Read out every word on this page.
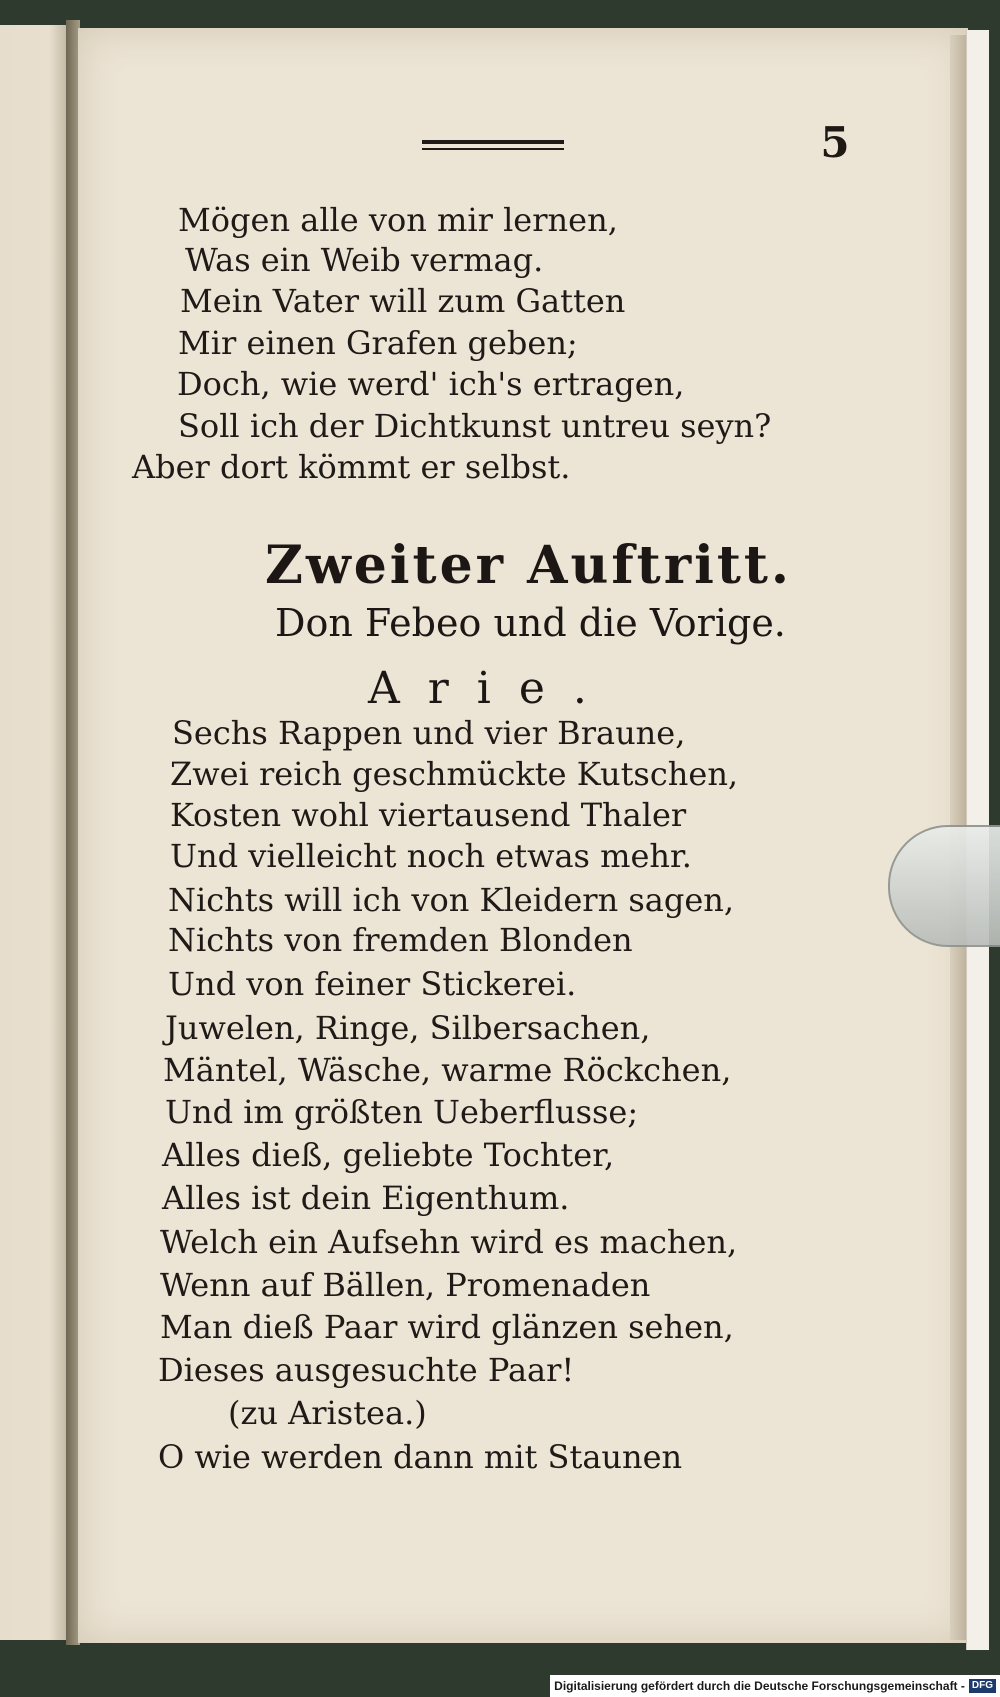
5

Mögen alle von mir lernen,

Was ein Weib vermag.

Mein Vater will zum Gatten

Mir einen Grafen geben;

Doch, wie werd' ich's ertragen,

Soll ich der Dichtkunst untreu seyn?

Aber dort kömmt er selbst.

Zweiter Auftritt.
Don Febeo und die Vorige.
Arie.

Sechs Rappen und vier Braune,

Zwei reich geschmückte Kutschen,

Kosten wohl viertausend Thaler

Und vielleicht noch etwas mehr.

Nichts will ich von Kleidern sagen,

Nichts von fremden Blonden

Und von feiner Stickerei.

Juwelen, Ringe, Silbersachen,

Mäntel, Wäsche, warme Röckchen,

Und im größten Ueberflusse;

Alles dieß, geliebte Tochter,

Alles ist dein Eigenthum.

Welch ein Aufsehn wird es machen,

Wenn auf Bällen, Promenaden

Man dieß Paar wird glänzen sehen,

Dieses ausgesuchte Paar!

(zu Aristea.)

O wie werden dann mit Staunen

Digitalisierung gefördert durch die Deutsche Forschungsgemeinschaft - DFG
